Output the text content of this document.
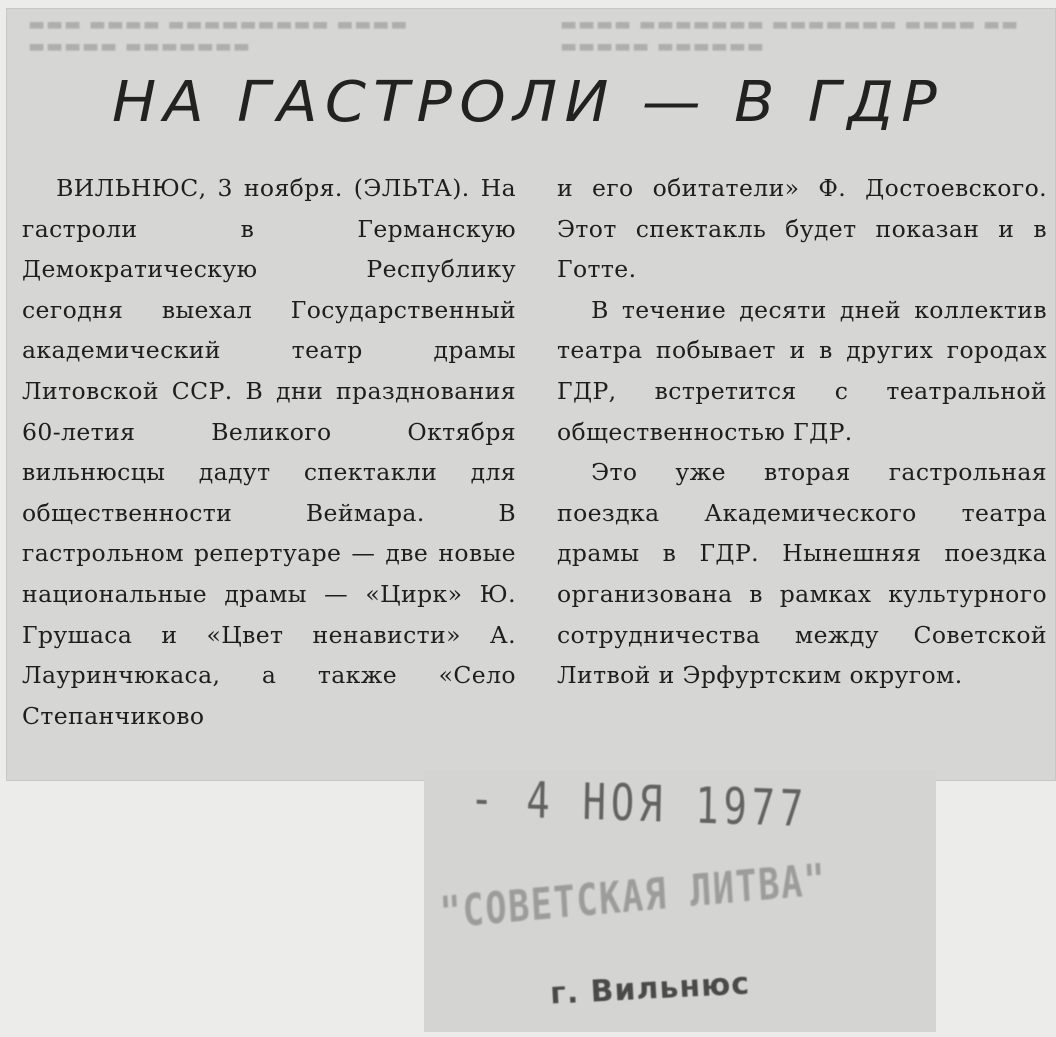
▬▬▬ ▬▬▬▬ ▬▬▬▬▬▬▬▬▬ ▬▬▬▬
▬▬▬▬▬ ▬▬▬▬▬▬▬
▬▬▬▬ ▬▬▬▬▬▬▬ ▬▬▬▬▬▬▬ ▬▬▬▬ ▬▬
▬▬▬▬▬ ▬▬▬▬▬▬
НА ГАСТРОЛИ — В ГДР

ВИЛЬНЮС, 3 ноября. (ЭЛЬТА). На гастроли в Германскую Демократическую Республику сегодня выехал Государственный академический театр драмы Литовской ССР. В дни празднования 60-летия Великого Октября вильнюсцы дадут спектакли для общественности Веймара. В гастрольном репертуаре — две новые национальные драмы — «Цирк» Ю. Грушаса и «Цвет ненависти» А. Лауринчюкаса, а также «Село Степанчиково

и его обитатели» Ф. Достоевского. Этот спектакль будет показан и в Готте.

В течение десяти дней коллектив театра побывает и в других городах ГДР, встретится с театральной общественностью ГДР.

Это уже вторая гастрольная поездка Академического театра драмы в ГДР. Нынешняя поездка организована в рамках культурного сотрудничества между Советской Литвой и Эрфуртским округом.

- 4 НОЯ 1977
"СОВЕТСКАЯ ЛИТВА"
г. Вильнюс
